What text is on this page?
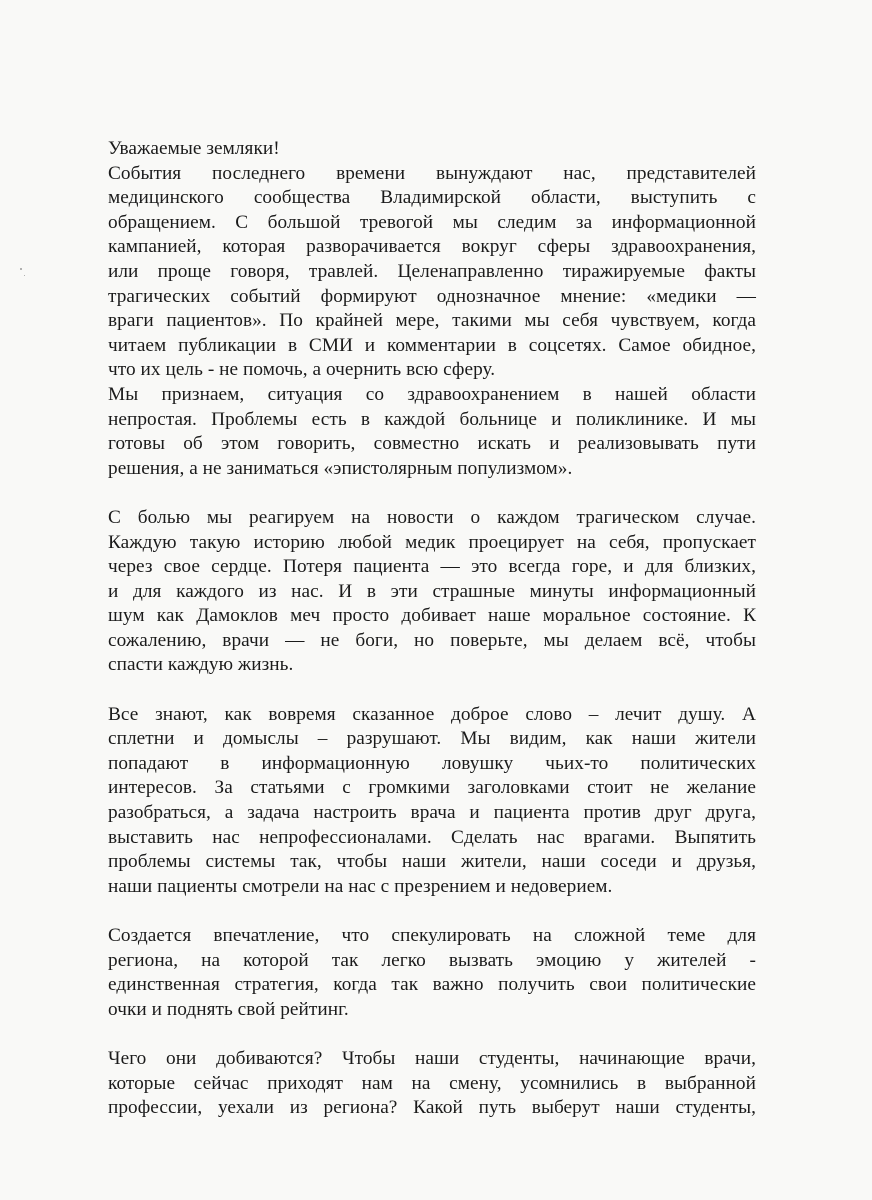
Уважаемые земляки!
События последнего времени вынуждают нас, представителей
медицинского сообщества Владимирской области, выступить с
обращением. С большой тревогой мы следим за информационной
кампанией, которая разворачивается вокруг сферы здравоохранения,
или проще говоря, травлей. Целенаправленно тиражируемые факты
трагических событий формируют однозначное мнение: «медики —
враги пациентов». По крайней мере, такими мы себя чувствуем, когда
читаем публикации в СМИ и комментарии в соцсетях. Самое обидное,
что их цель - не помочь, а очернить всю сферу.
Мы признаем, ситуация со здравоохранением в нашей области
непростая. Проблемы есть в каждой больнице и поликлинике. И мы
готовы об этом говорить, совместно искать и реализовывать пути
решения, а не заниматься «эпистолярным популизмом».
С болью мы реагируем на новости о каждом трагическом случае.
Каждую такую историю любой медик проецирует на себя, пропускает
через свое сердце. Потеря пациента — это всегда горе, и для близких,
и для каждого из нас. И в эти страшные минуты информационный
шум как Дамоклов меч просто добивает наше моральное состояние. К
сожалению, врачи — не боги, но поверьте, мы делаем всё, чтобы
спасти каждую жизнь.
Все знают, как вовремя сказанное доброе слово – лечит душу. А
сплетни и домыслы – разрушают. Мы видим, как наши жители
попадают в информационную ловушку чьих-то политических
интересов. За статьями с громкими заголовками стоит не желание
разобраться, а задача настроить врача и пациента против друг друга,
выставить нас непрофессионалами. Сделать нас врагами. Выпятить
проблемы системы так, чтобы наши жители, наши соседи и друзья,
наши пациенты смотрели на нас с презрением и недоверием.
Создается впечатление, что спекулировать на сложной теме для
региона, на которой так легко вызвать эмоцию у жителей -
единственная стратегия, когда так важно получить свои политические
очки и поднять свой рейтинг.
Чего они добиваются? Чтобы наши студенты, начинающие врачи,
которые сейчас приходят нам на смену, усомнились в выбранной
профессии, уехали из региона? Какой путь выберут наши студенты,
